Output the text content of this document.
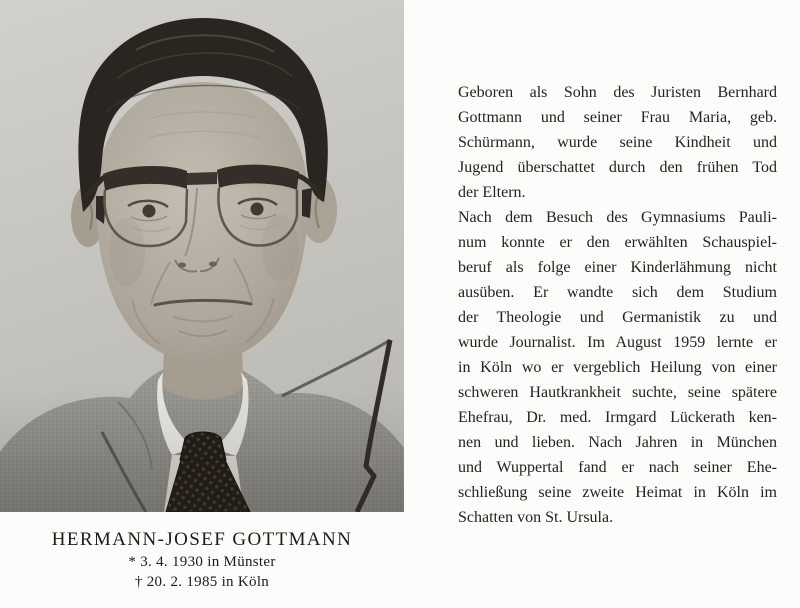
HERMANN-JOSEF GOTTMANN
* 3. 4. 1930 in Münster
† 20. 2. 1985 in Köln
Geboren als Sohn des Juristen Bernhard
Gottmann und seiner Frau Maria, geb.
Schürmann, wurde seine Kindheit und
Jugend überschattet durch den frühen Tod
der Eltern.
Nach dem Besuch des Gymnasiums Pauli-
num konnte er den erwählten Schauspiel-
beruf als folge einer Kinderlähmung nicht
ausüben. Er wandte sich dem Studium
der Theologie und Germanistik zu und
wurde Journalist. Im August 1959 lernte er
in Köln wo er vergeblich Heilung von einer
schweren Hautkrankheit suchte, seine spätere
Ehefrau, Dr. med. Irmgard Lückerath ken-
nen und lieben. Nach Jahren in München
und Wuppertal fand er nach seiner Ehe-
schließung seine zweite Heimat in Köln im
Schatten von St. Ursula.
